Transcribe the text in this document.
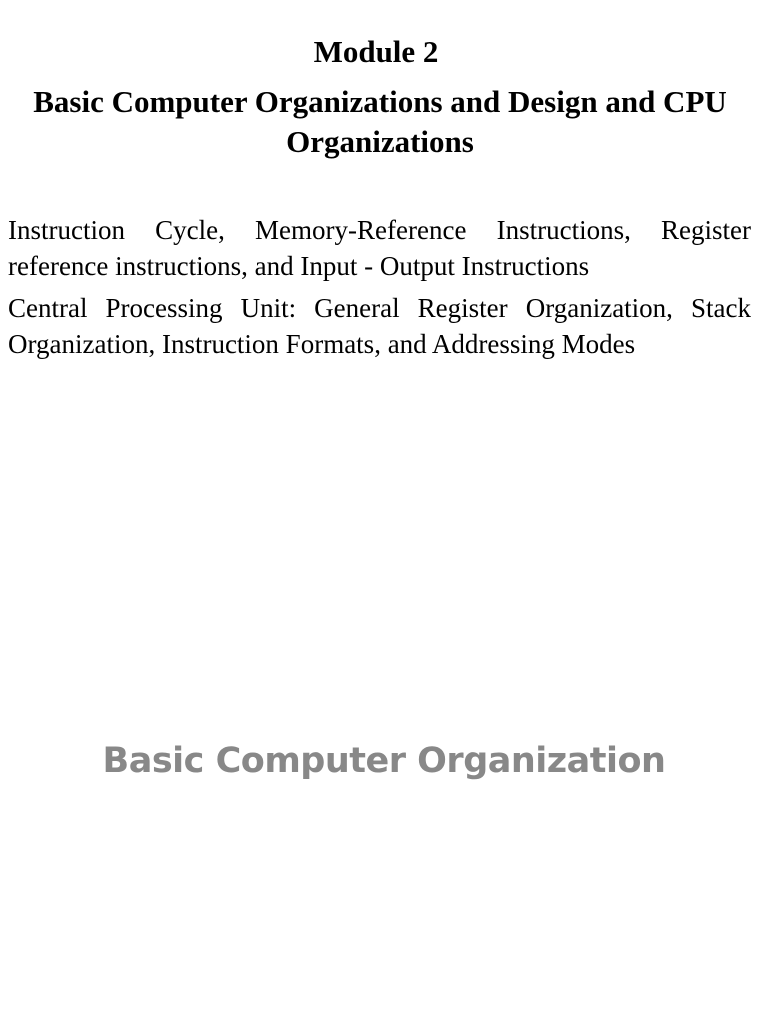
Module 2
Basic Computer Organizations and Design and CPU Organizations

Instruction Cycle, Memory-Reference Instructions, Register reference instructions, and Input - Output Instructions

Central Processing Unit: General Register Organization, Stack Organization, Instruction Formats, and Addressing Modes

Basic Computer Organization
